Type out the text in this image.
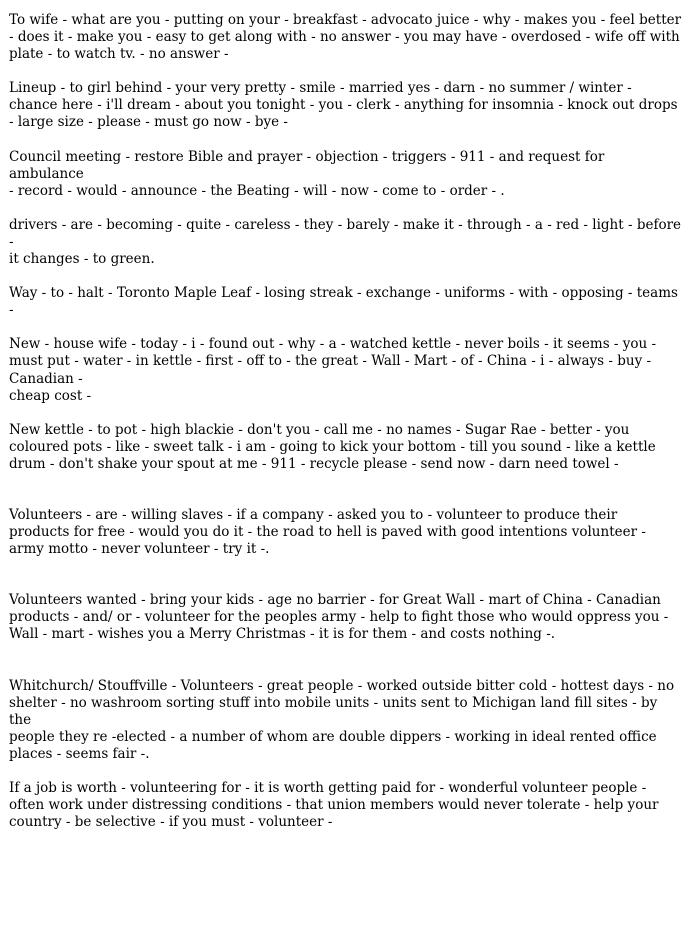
To wife - what are you - putting on your - breakfast - advocato juice - why - makes you - feel better
- does it - make you - easy to get along with - no answer - you may have - overdosed - wife off with
plate - to watch tv. - no answer -

Lineup - to girl behind - your very pretty - smile - married yes - darn - no summer / winter -
chance here - i'll dream - about you tonight - you - clerk - anything for insomnia - knock out drops
- large size - please - must go now - bye -

Council meeting - restore Bible and prayer - objection - triggers - 911 - and request for ambulance
- record - would - announce - the Beating - will - now - come to - order - .

drivers - are - becoming - quite - careless - they - barely - make it - through - a - red - light - before -
it changes - to green.

Way - to - halt - Toronto Maple Leaf - losing streak - exchange - uniforms - with - opposing - teams -

New - house wife - today - i - found out - why - a - watched kettle - never boils - it seems - you -
must put - water - in kettle - first - off to - the great - Wall - Mart - of - China - i - always - buy -
Canadian -
cheap cost -

New kettle - to pot - high blackie - don't you - call me - no names - Sugar Rae - better - you
coloured pots - like - sweet talk - i am - going to kick your bottom - till you sound - like a kettle
drum - don't shake your spout at me - 911 - recycle please - send now - darn need towel -

Volunteers - are - willing slaves - if a company - asked you to - volunteer to produce their
products for free - would you do it - the road to hell is paved with good intentions volunteer -
army motto - never volunteer - try it -.

Volunteers wanted - bring your kids - age no barrier - for Great Wall - mart of China - Canadian
products - and/ or - volunteer for the peoples army - help to fight those who would oppress you -
Wall - mart - wishes you a Merry Christmas - it is for them - and costs nothing -.

Whitchurch/ Stouffville - Volunteers - great people - worked outside bitter cold - hottest days - no
shelter - no washroom sorting stuff into mobile units - units sent to Michigan land fill sites - by the
people they re -elected - a number of whom are double dippers - working in ideal rented office
places - seems fair -.

If a job is worth - volunteering for - it is worth getting paid for - wonderful volunteer people -
often work under distressing conditions - that union members would never tolerate - help your
country - be selective - if you must - volunteer -
